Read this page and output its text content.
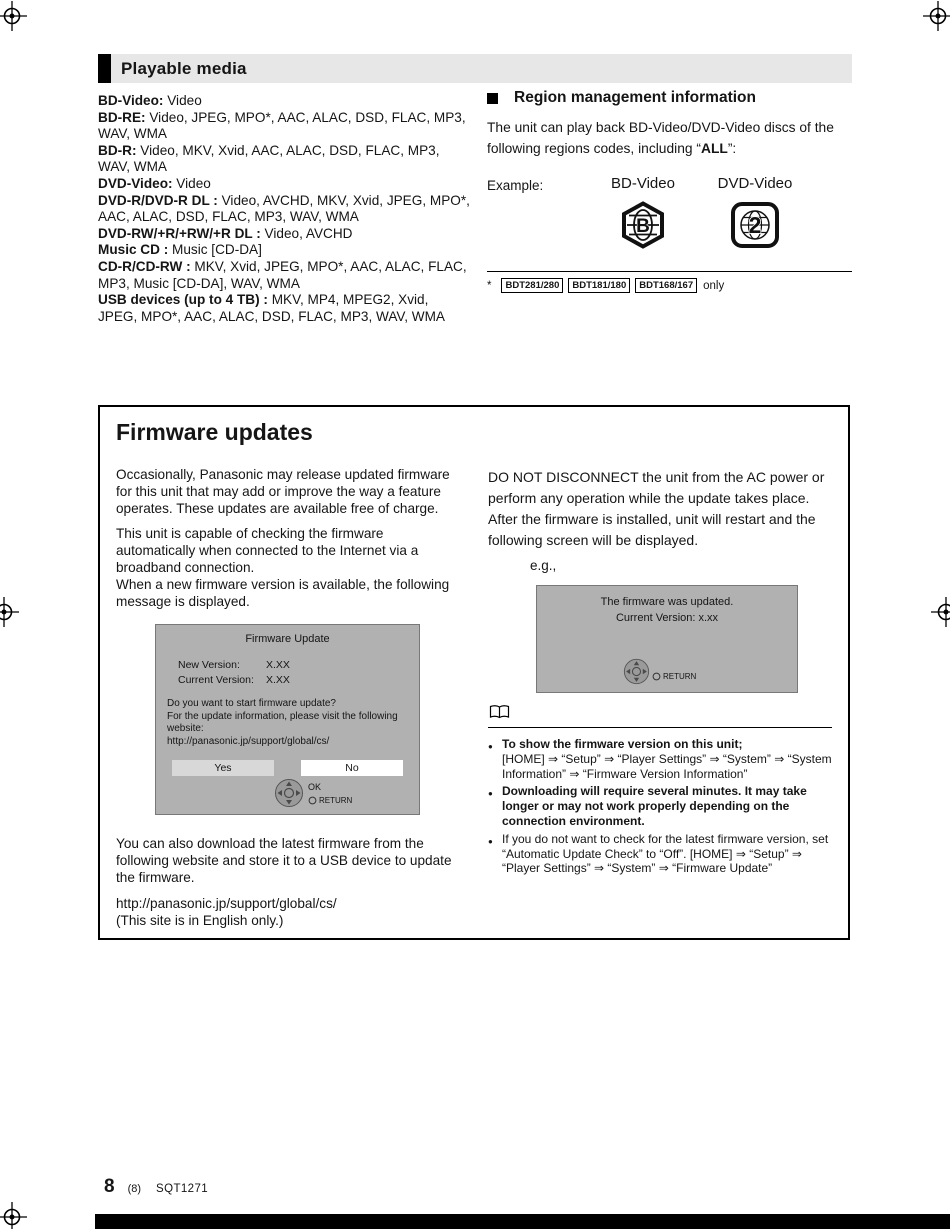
Playable media

BD-Video: Video

BD-RE: Video, JPEG, MPO*, AAC, ALAC, DSD, FLAC, MP3, WAV, WMA

BD-R: Video, MKV, Xvid, AAC, ALAC, DSD, FLAC, MP3, WAV, WMA

DVD-Video: Video

DVD-R/DVD-R DL : Video, AVCHD, MKV, Xvid, JPEG, MPO*, AAC, ALAC, DSD, FLAC, MP3, WAV, WMA

DVD-RW/+R/+RW/+R DL : Video, AVCHD

Music CD : Music [CD-DA]

CD-R/CD-RW : MKV, Xvid, JPEG, MPO*, AAC, ALAC, FLAC, MP3, Music [CD-DA], WAV, WMA

USB devices (up to 4 TB) : MKV, MP4, MPEG2, Xvid, JPEG, MPO*, AAC, ALAC, DSD, FLAC, MP3, WAV, WMA

Region management information

The unit can play back BD-Video/DVD-Video discs of the following regions codes, including “ALL”:

Example:	BD-Video
B
DVD-Video
2
*	BDT281/280	BDT181/180	BDT168/167 only
Firmware updates

Occasionally, Panasonic may release updated firmware for this unit that may add or improve the way a feature operates. These updates are available free of charge.

This unit is capable of checking the firmware automatically when connected to the Internet via a broadband connection.

When a new firmware version is available, the following message is displayed.

Firmware Update
New Version:	X.XX
Current Version:	X.XX
Do you want to start firmware update?
For the update information, please visit the following website:
http://panasonic.jp/support/global/cs/
Yes	No
OK
RETURN

You can also download the latest firmware from the following website and store it to a USB device to update the firmware.

http://panasonic.jp/support/global/cs/

(This site is in English only.)

DO NOT DISCONNECT the unit from the AC power or perform any operation while the update takes place.

After the firmware is installed, unit will restart and the following screen will be displayed.

e.g.,

The firmware was updated.
Current Version: x.xx
RETURN
● To show the firmware version on this unit;
[HOME] ⇒ “Setup” ⇒ “Player Settings” ⇒ “System” ⇒ “System Information” ⇒ “Firmware Version Information”
● Downloading will require several minutes. It may take longer or may not work properly depending on the connection environment.
● If you do not want to check for the latest firmware version, set “Automatic Update Check” to “Off”. [HOME] ⇒ “Setup” ⇒ “Player Settings” ⇒ “System” ⇒ “Firmware Update”
8 (8) SQT1271
